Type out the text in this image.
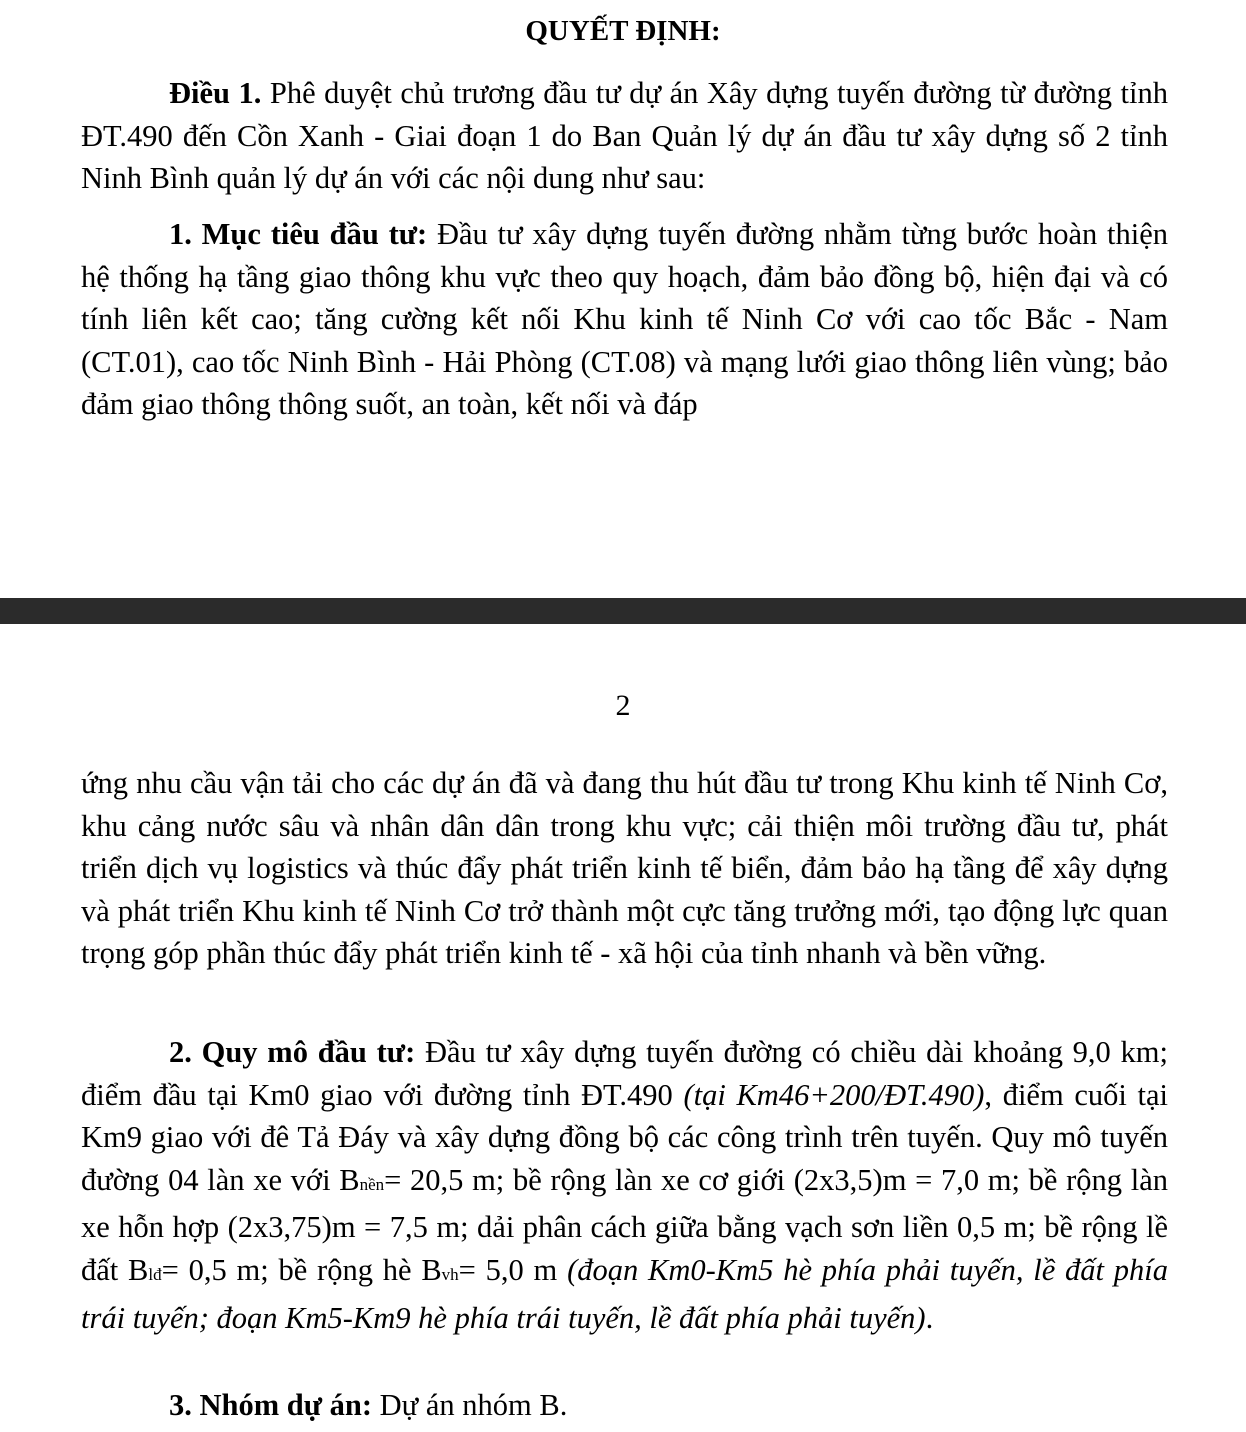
QUYẾT ĐỊNH:

Điều 1. Phê duyệt chủ trương đầu tư dự án Xây dựng tuyến đường từ đường tỉnh ĐT.490 đến Cồn Xanh - Giai đoạn 1 do Ban Quản lý dự án đầu tư xây dựng số 2 tỉnh Ninh Bình quản lý dự án với các nội dung như sau:

1. Mục tiêu đầu tư: Đầu tư xây dựng tuyến đường nhằm từng bước hoàn thiện hệ thống hạ tầng giao thông khu vực theo quy hoạch, đảm bảo đồng bộ, hiện đại và có tính liên kết cao; tăng cường kết nối Khu kinh tế Ninh Cơ với cao tốc Bắc - Nam (CT.01), cao tốc Ninh Bình - Hải Phòng (CT.08) và mạng lưới giao thông liên vùng; bảo đảm giao thông thông suốt, an toàn, kết nối và đáp

2

ứng nhu cầu vận tải cho các dự án đã và đang thu hút đầu tư trong Khu kinh tế Ninh Cơ, khu cảng nước sâu và nhân dân dân trong khu vực; cải thiện môi trường đầu tư, phát triển dịch vụ logistics và thúc đẩy phát triển kinh tế biển, đảm bảo hạ tầng để xây dựng và phát triển Khu kinh tế Ninh Cơ trở thành một cực tăng trưởng mới, tạo động lực quan trọng góp phần thúc đẩy phát triển kinh tế - xã hội của tỉnh nhanh và bền vững.

2. Quy mô đầu tư: Đầu tư xây dựng tuyến đường có chiều dài khoảng 9,0 km; điểm đầu tại Km0 giao với đường tỉnh ĐT.490 (tại Km46+200/ĐT.490), điểm cuối tại Km9 giao với đê Tả Đáy và xây dựng đồng bộ các công trình trên tuyến. Quy mô tuyến đường 04 làn xe với Bnền= 20,5 m; bề rộng làn xe cơ giới (2x3,5)m = 7,0 m; bề rộng làn xe hỗn hợp (2x3,75)m = 7,5 m; dải phân cách giữa bằng vạch sơn liền 0,5 m; bề rộng lề đất Blđ= 0,5 m; bề rộng hè Bvh= 5,0 m (đoạn Km0-Km5 hè phía phải tuyến, lề đất phía trái tuyến; đoạn Km5-Km9 hè phía trái tuyến, lề đất phía phải tuyến).

3. Nhóm dự án: Dự án nhóm B.
